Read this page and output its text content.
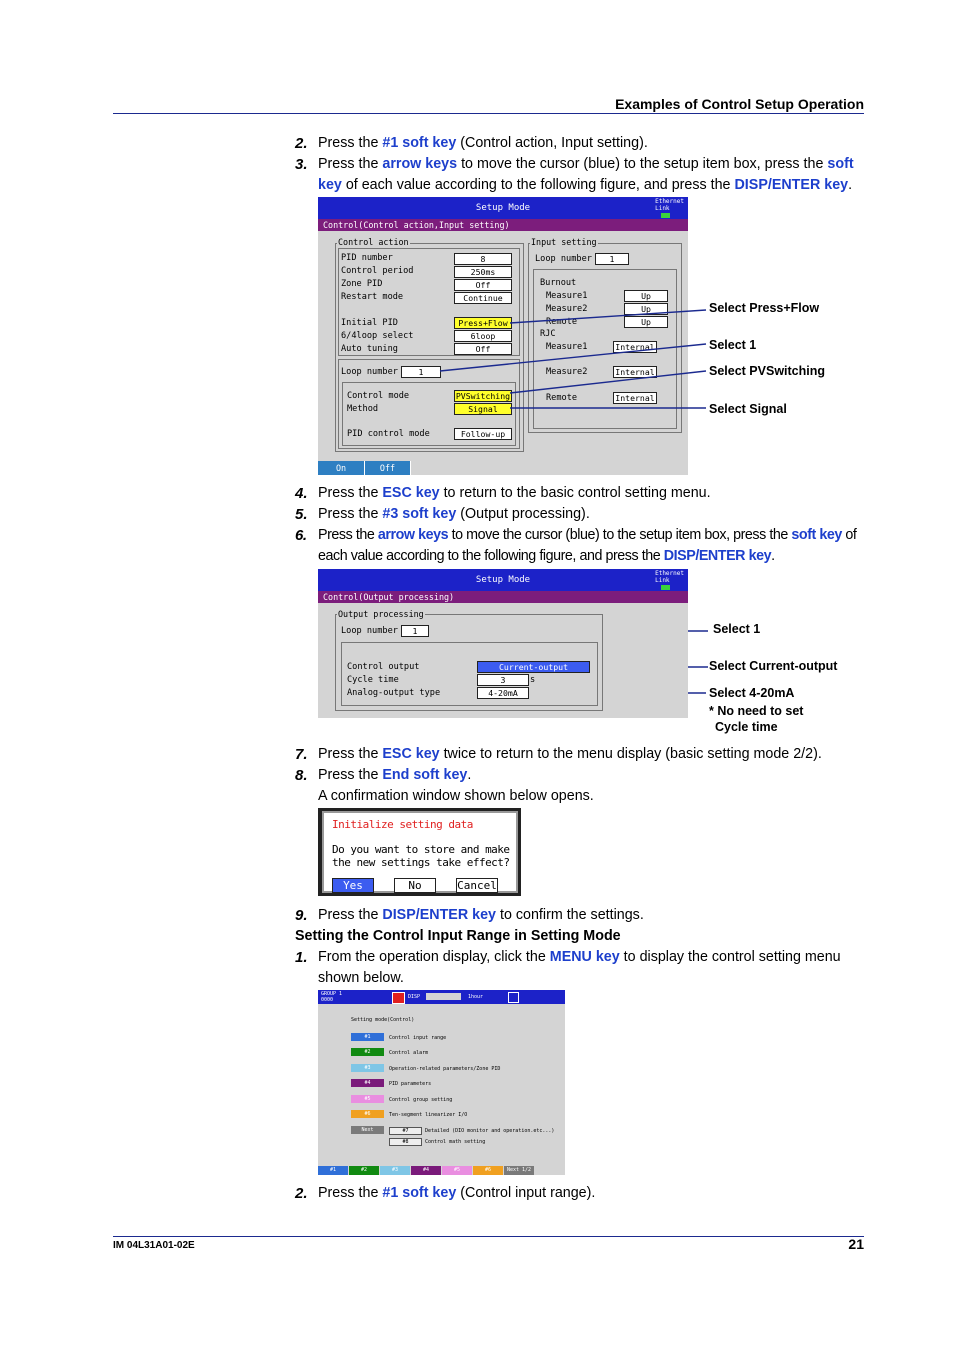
Examples of Control Setup Operation
2. Press the #1 soft key (Control action, Input setting).
3. Press the arrow keys to move the cursor (blue) to the setup item box, press the soft
key of each value according to the following figure, and press the DISP/ENTER key.
Setup Mode
Ethernet
Link
Control(Control action,Input setting)
Control action
PID number	8
Control period	250ms
Zone PID	Off
Restart mode	Continue
Initial PID	Press+Flow
6/4loop select	6loop
Auto tuning	Off
Loop number	1
Control mode	PVSwitching
Method	Signal
PID control mode	Follow-up
Input setting
Loop number	1
Burnout
Measure1	Up
Measure2	Up
Remote	Up
RJC
Measure1	Internal
Measure2	Internal
Remote	Internal
On	Off
Select Press+Flow
Select 1
Select PVSwitching
Select Signal
4. Press the ESC key to return to the basic control setting menu.
5. Press the #3 soft key (Output processing).
6. Press the arrow keys to move the cursor (blue) to the setup item box, press the soft key of
each value according to the following figure, and press the DISP/ENTER key.
Setup Mode
Ethernet
Link
Control(Output processing)
Output processing
Loop number	1
Control output	Current-output
Cycle time	3	s
Analog-output type	4-20mA
Select 1
Select Current-output
Select 4-20mA
* No need to set
Cycle time
7. Press the ESC key twice to return to the menu display (basic setting mode 2/2).
8. Press the End soft key.
A confirmation window shown below opens.
Initialize setting data
Do you want to store and make
the new settings take effect?
Yes	No	Cancel
9. Press the DISP/ENTER key to confirm the settings.
Setting the Control Input Range in Setting Mode
1. From the operation display, click the MENU key to display the control setting menu
shown below.
GROUP 1
0000	DISP	1hour
Setting mode(Control)
#1	Control input range
#2	Control alarm
#3	Operation-related parameters/Zone PID
#4	PID parameters
#5	Control group setting
#6	Ten-segment linearizer I/O
Next	#7	Detailed (DIO monitor and operation.etc...)
#8	Control math setting
#1	#2	#3	#4	#5	#6	Next 1/2
2. Press the #1 soft key (Control input range).
IM 04L31A01-02E	21
